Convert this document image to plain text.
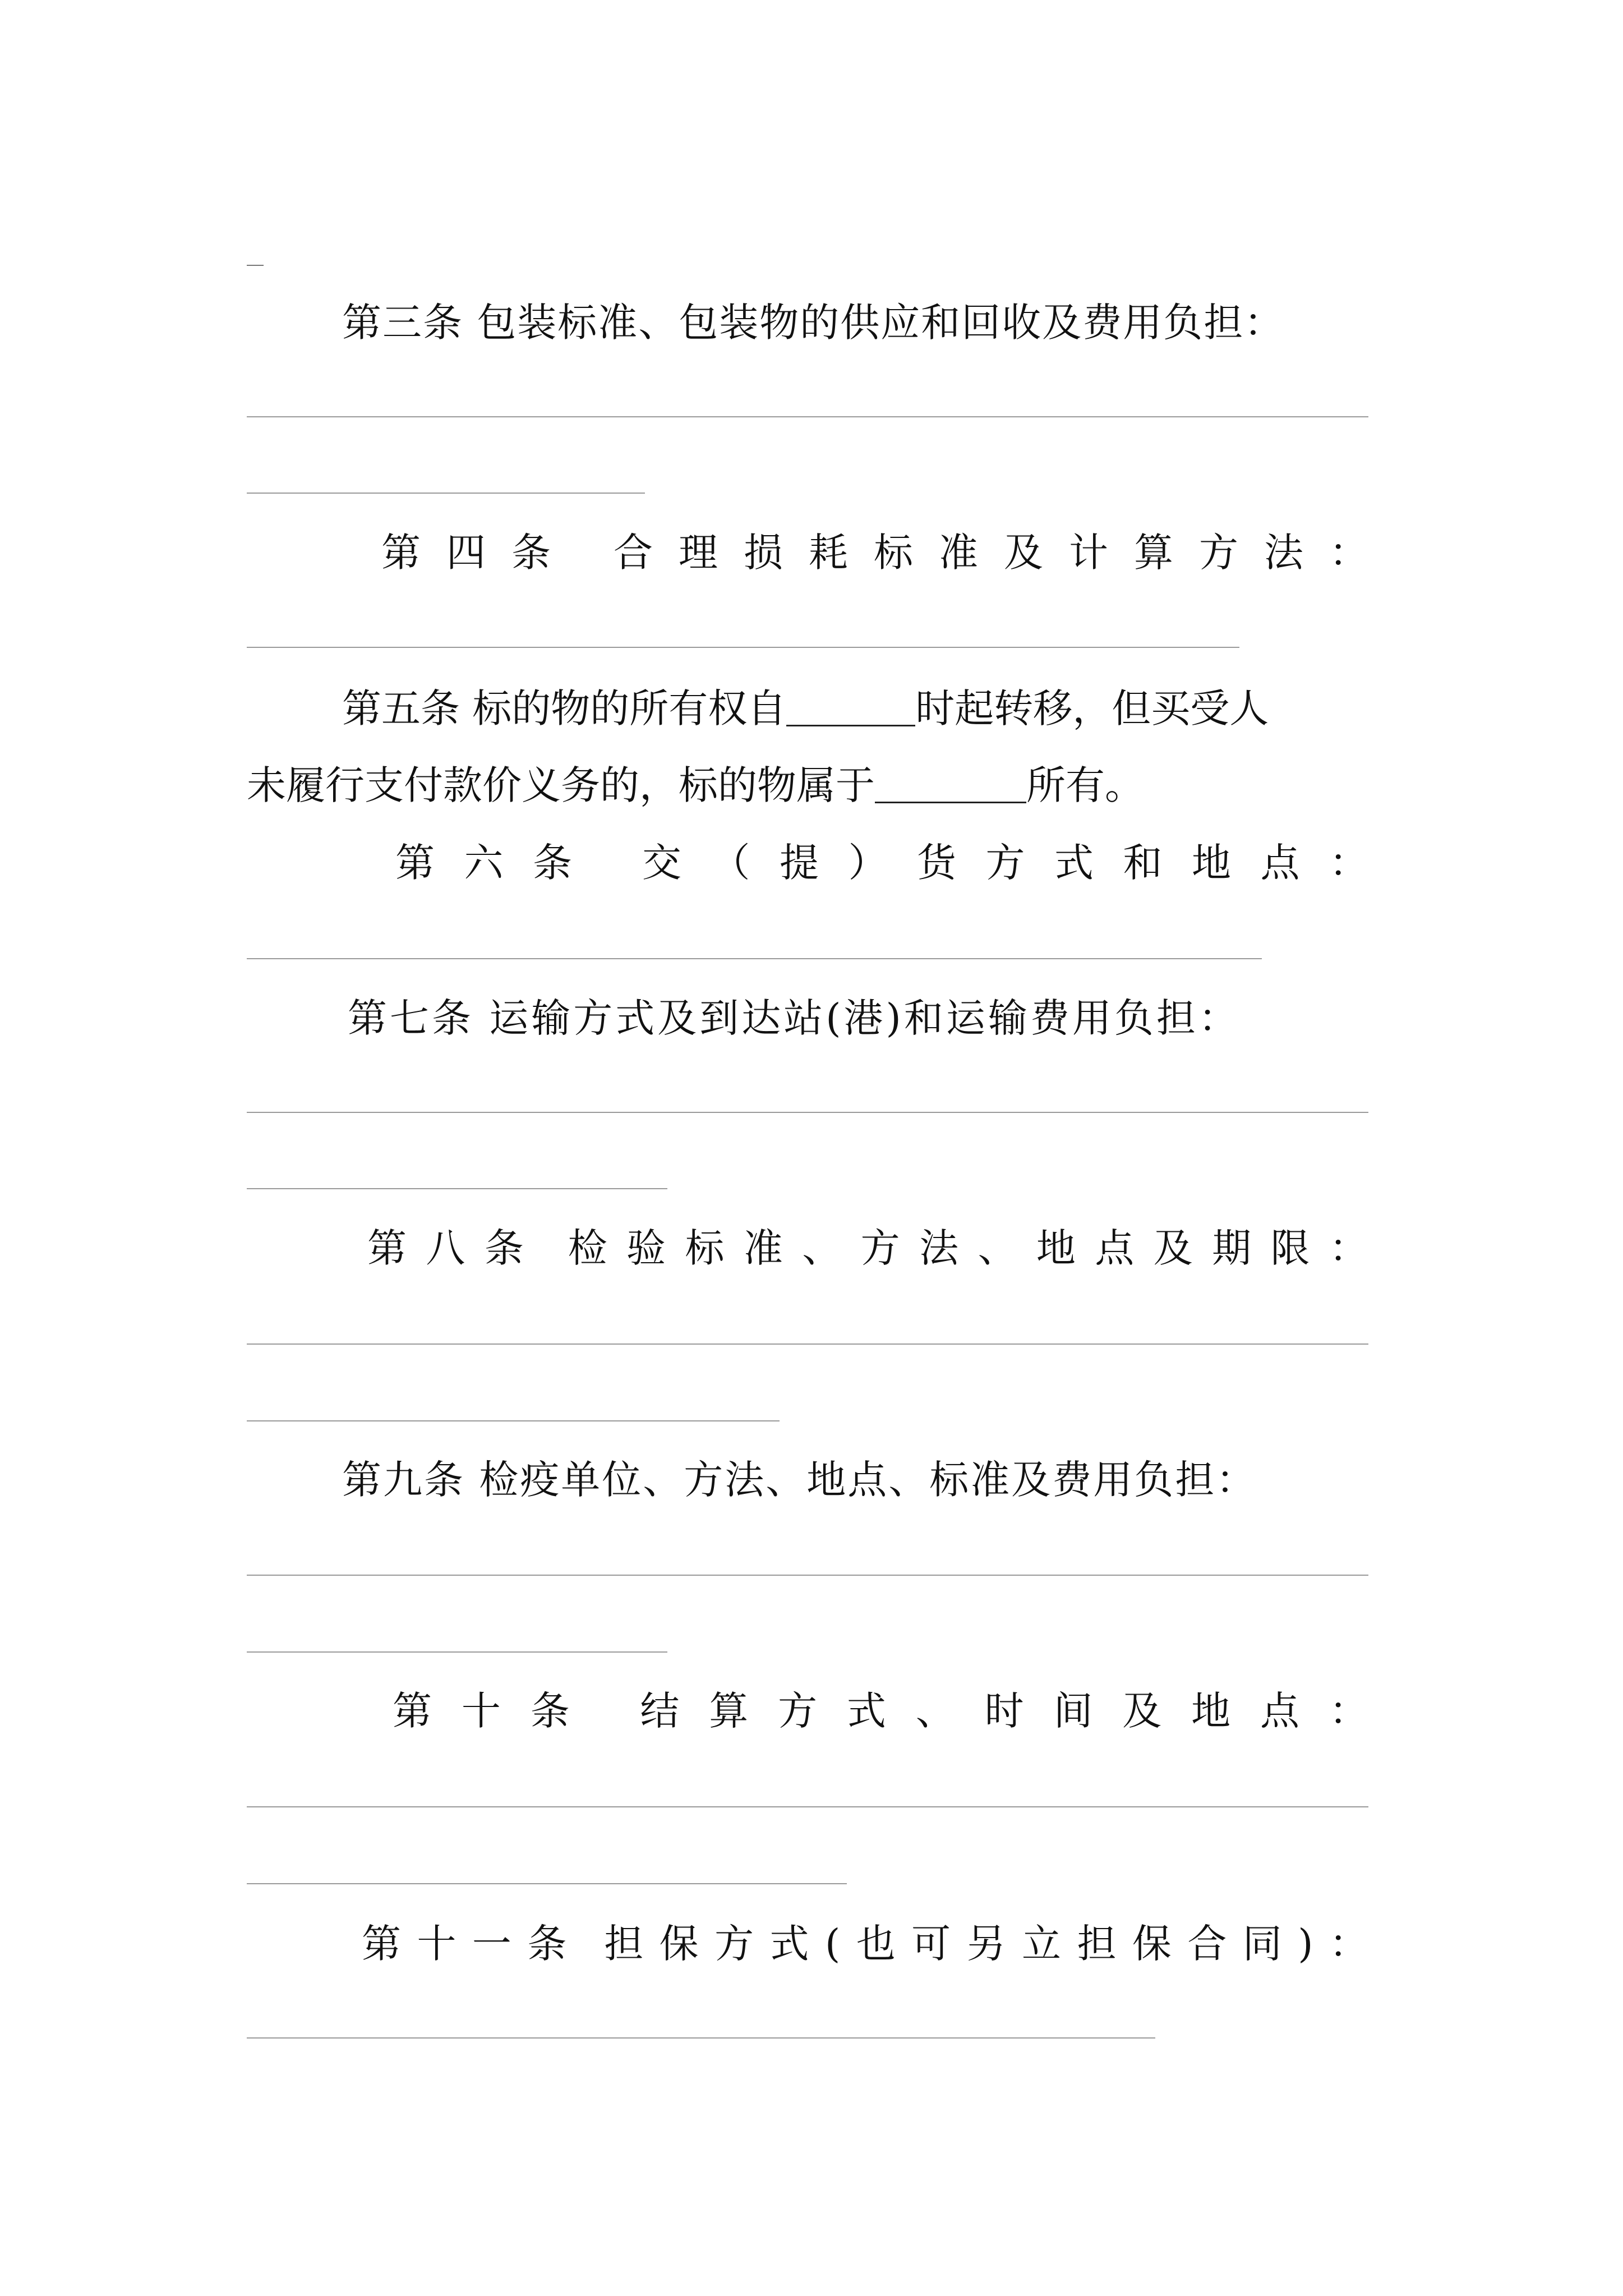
第三条 包装标准、包装物的供应和回收及费用负担：
第 四 条 合 理 损 耗 标 准 及 计 算 方 法 ：
第五条 标的物的所有权自	时起转移，但买受人
未履行支付款价义务的，标的物属于	所有。
第 六 条 交 （ 提 ） 货 方 式 和 地 点 ：
第七条 运输方式及到达站(港)和运输费用负担：
第 八 条 检 验 标 准 、 方 法 、 地 点 及 期 限 ：
第九条 检疫单位、方法、地点、标准及费用负担：
第 十 条 结 算 方 式 、 时 间 及 地 点 ：
第 十 一 条 担 保 方 式 ( 也 可 另 立 担 保 合 同 ) ：
